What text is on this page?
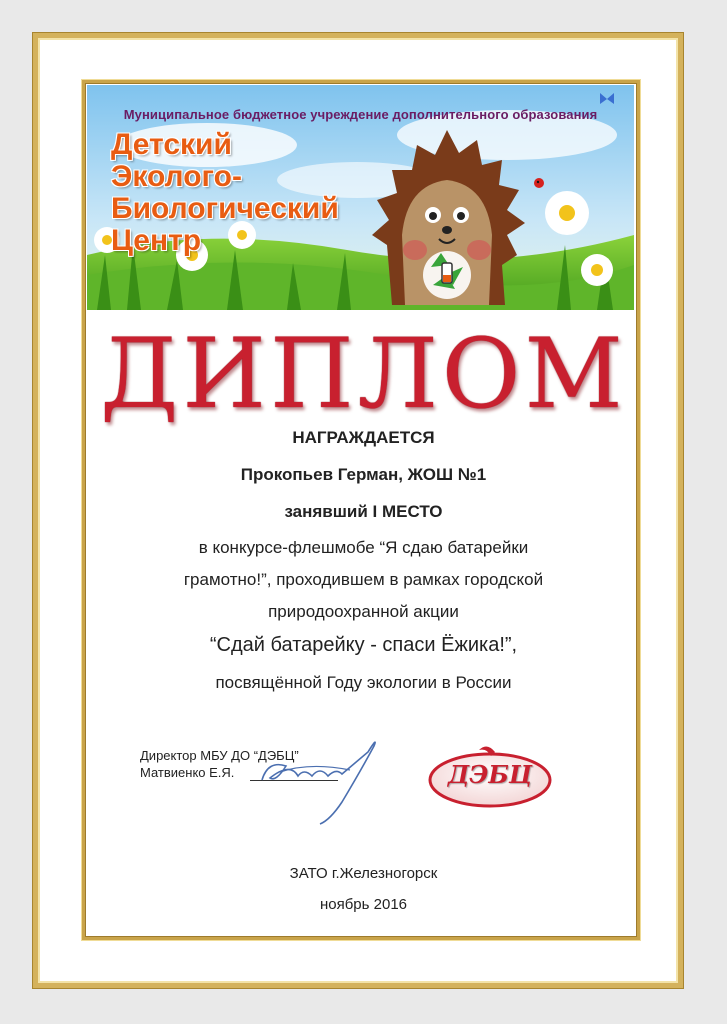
Муниципальное бюджетное учреждение дополнительного образования
Детский
Эколого-
Биологический
Центр
ДИПЛОМ
НАГРАЖДАЕТСЯ
Прокопьев Герман, ЖОШ №1
занявший I МЕСТО
в конкурсе-флешмобе “Я сдаю батарейки
грамотно!”, проходившем в рамках городской
природоохранной акции
“Сдай батарейку - спаси Ёжика!”,
посвящённой Году экологии в России
Директор МБУ ДО “ДЭБЦ”
Матвиенко Е.Я.	ДЭБЦ
ЗАТО г.Железногорск
ноябрь 2016
